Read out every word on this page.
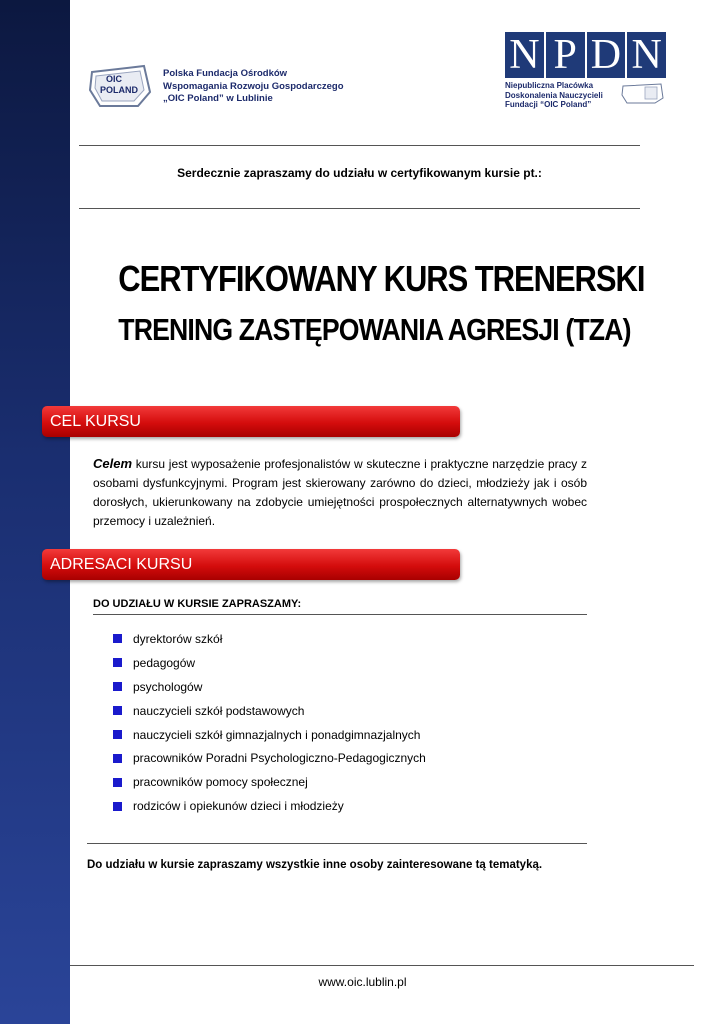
OIC
POLAND
Polska Fundacja Ośrodków
Wspomagania Rozwoju Gospodarczego
„OIC Poland” w Lublinie
N P D N
Niepubliczna Placówka
Doskonalenia Nauczycieli
Fundacji “OIC Poland”
Serdecznie zapraszamy do udziału w certyfikowanym kursie pt.:
CERTYFIKOWANY KURS TRENERSKI
TRENING ZASTĘPOWANIA AGRESJI (TZA)
CEL KURSU
Celem kursu jest wyposażenie profesjonalistów w skuteczne i praktyczne narzędzie pracy z osobami dysfunkcyjnymi. Program jest skierowany zarówno do dzieci, młodzieży jak i osób dorosłych, ukierunkowany na zdobycie umiejętności prospołecznych alternatywnych wobec przemocy i uzależnień.
ADRESACI KURSU
DO UDZIAŁU W KURSIE ZAPRASZAMY:
dyrektorów szkół
pedagogów
psychologów
nauczycieli szkół podstawowych
nauczycieli szkół gimnazjalnych i ponadgimnazjalnych
pracowników Poradni Psychologiczno-Pedagogicznych
pracowników pomocy społecznej
rodziców i opiekunów dzieci i młodzieży
Do udziału w kursie zapraszamy wszystkie inne osoby zainteresowane tą tematyką.
www.oic.lublin.pl
